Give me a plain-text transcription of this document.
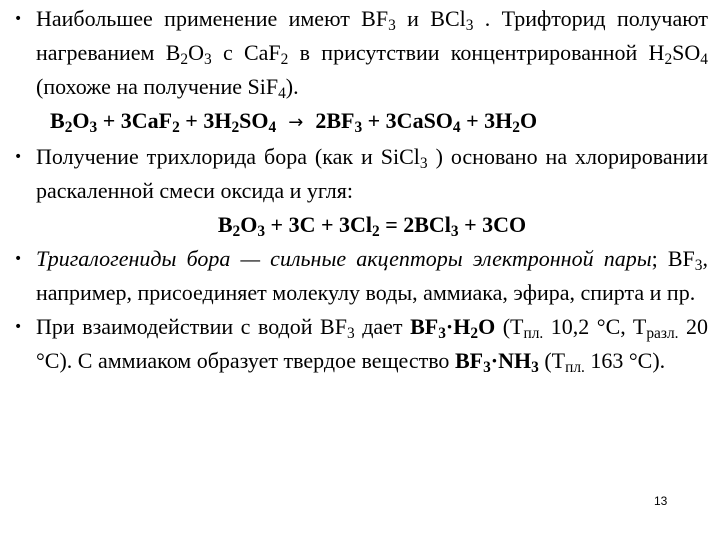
• Наибольшее применение имеют $BF_3$ и BCl$_3$ . Трифторид получают нагреванием $B_2O_3$ с CaF$_2$ в присутствии концентрированной $H_2SO_4$ (похоже на получение SiF$_4$).
$B_2O_3 + 3CaF_2 + 3H_2SO_4 \to 2BF_3$ + 3CaSO$_4$ + $3H_2O$
• Получение трихлорида бора (как и SiCl$_3$ ) основано на хлорировании раскаленной смеси оксида и угля:
$B_2O_3 + 3C + 3Cl_2 = 2BCl_3 + 3CO$
• Тригалогениды бора — сильные акцепторы электронной пары; $BF_3$, например, присоединяет молекулу воды, аммиака, эфира, спирта и пр.
• При взаимодействии с водой $BF_3$ дает $BF_3\cdot H_2O$ ($T_{пл.}$ 10,2 °C, $T_{разл.}$ 20 °C). С аммиаком образует твердое вещество $BF_3\cdot NH_3$ ($T_{пл.}$ 163 °C).
13
